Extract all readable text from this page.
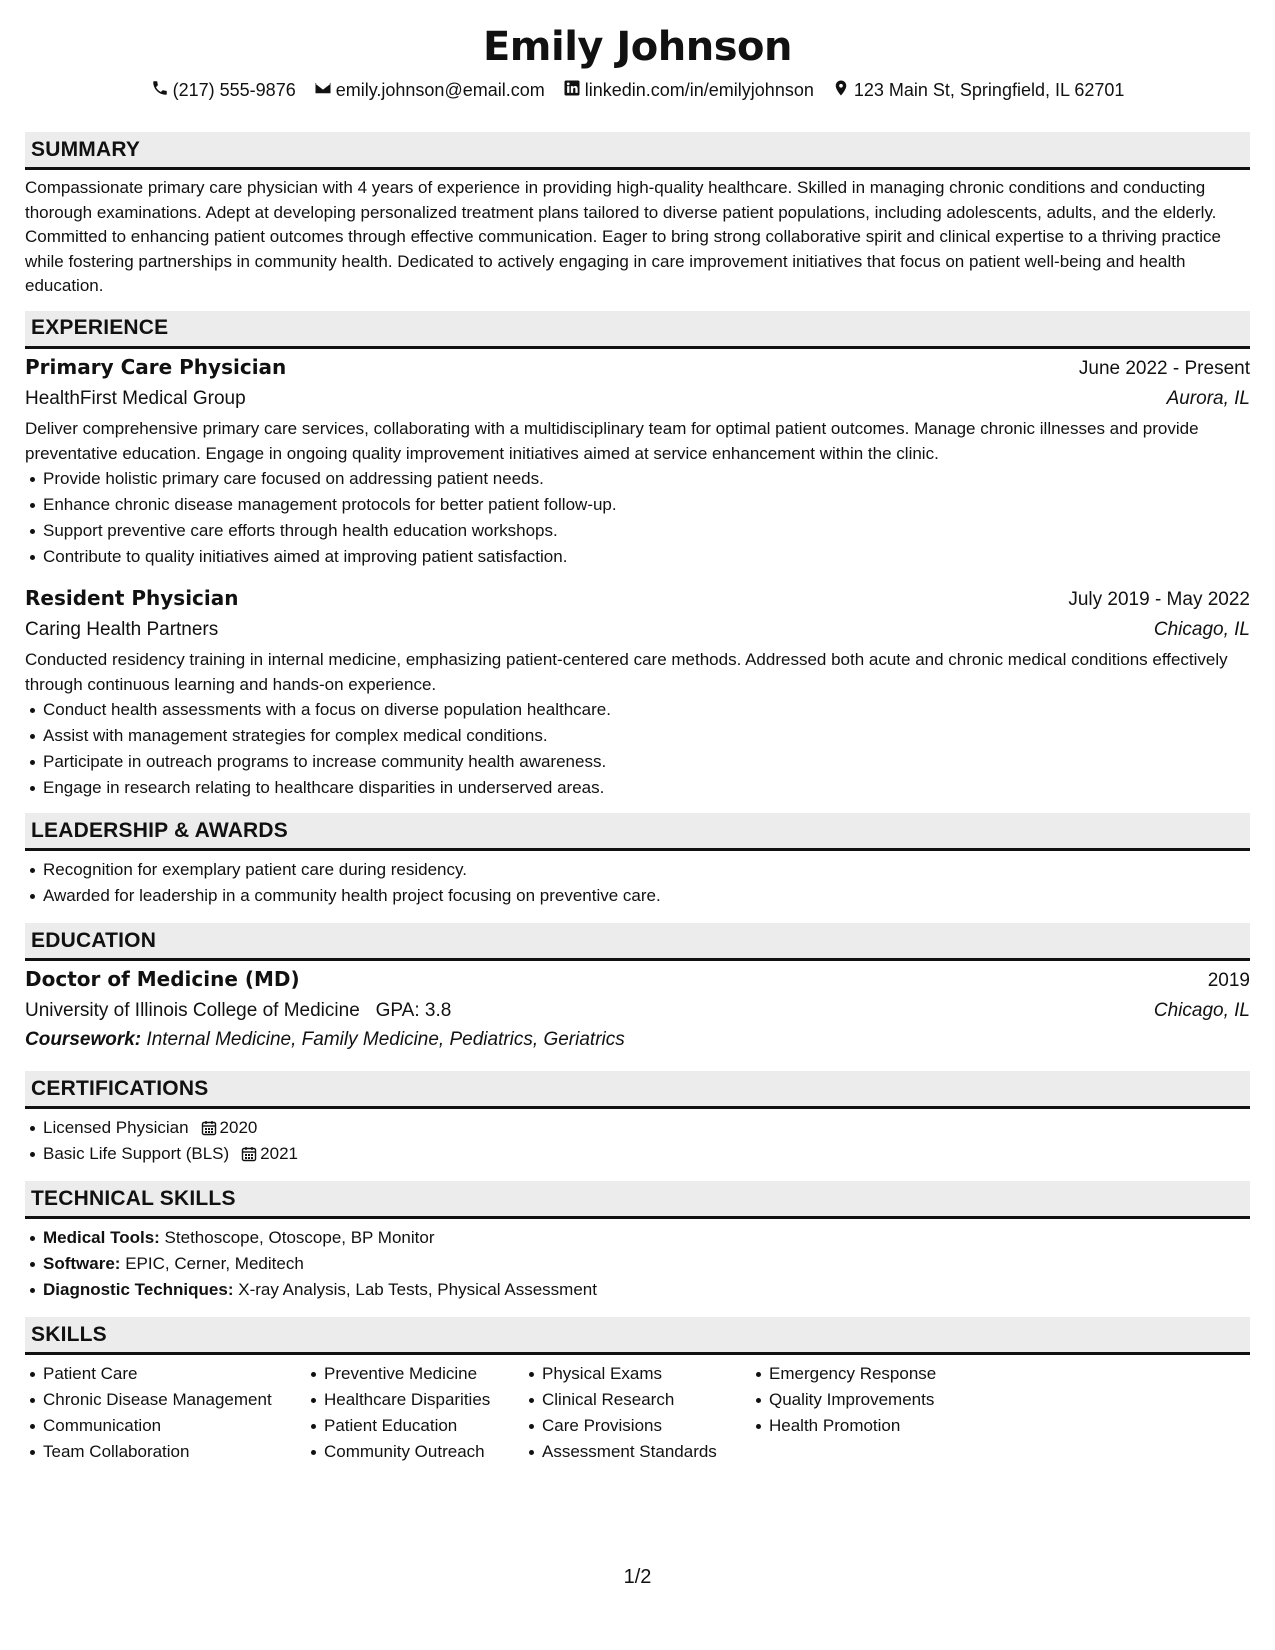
Emily Johnson
(217) 555-9876 emily.johnson@email.com linkedin.com/in/emilyjohnson 123 Main St, Springfield, IL 62701
SUMMARY

Compassionate primary care physician with 4 years of experience in providing high-quality healthcare. Skilled in managing chronic conditions and conducting thorough examinations. Adept at developing personalized treatment plans tailored to diverse patient populations, including adolescents, adults, and the elderly. Committed to enhancing patient outcomes through effective communication. Eager to bring strong collaborative spirit and clinical expertise to a thriving practice while fostering partnerships in community health. Dedicated to actively engaging in care improvement initiatives that focus on patient well-being and health education.

EXPERIENCE
Primary Care Physician	June 2022 - Present
HealthFirst Medical Group	Aurora, IL

Deliver comprehensive primary care services, collaborating with a multidisciplinary team for optimal patient outcomes. Manage chronic illnesses and provide preventative education. Engage in ongoing quality improvement initiatives aimed at service enhancement within the clinic.

Provide holistic primary care focused on addressing patient needs.
Enhance chronic disease management protocols for better patient follow-up.
Support preventive care efforts through health education workshops.
Contribute to quality initiatives aimed at improving patient satisfaction.
Resident Physician	July 2019 - May 2022
Caring Health Partners	Chicago, IL

Conducted residency training in internal medicine, emphasizing patient-centered care methods. Addressed both acute and chronic medical conditions effectively through continuous learning and hands-on experience.

Conduct health assessments with a focus on diverse population healthcare.
Assist with management strategies for complex medical conditions.
Participate in outreach programs to increase community health awareness.
Engage in research relating to healthcare disparities in underserved areas.
LEADERSHIP & AWARDS
Recognition for exemplary patient care during residency.
Awarded for leadership in a community health project focusing on preventive care.
EDUCATION
Doctor of Medicine (MD)	2019
University of Illinois College of Medicine GPA: 3.8	Chicago, IL
Coursework: Internal Medicine, Family Medicine, Pediatrics, Geriatrics
CERTIFICATIONS
Licensed Physician 2020
Basic Life Support (BLS) 2021
TECHNICAL SKILLS
Medical Tools: Stethoscope, Otoscope, BP Monitor
Software: EPIC, Cerner, Meditech
Diagnostic Techniques: X-ray Analysis, Lab Tests, Physical Assessment
SKILLS
Patient Care
Chronic Disease Management
Communication
Team Collaboration
Preventive Medicine
Healthcare Disparities
Patient Education
Community Outreach
Physical Exams
Clinical Research
Care Provisions
Assessment Standards
Emergency Response
Quality Improvements
Health Promotion
1/2
